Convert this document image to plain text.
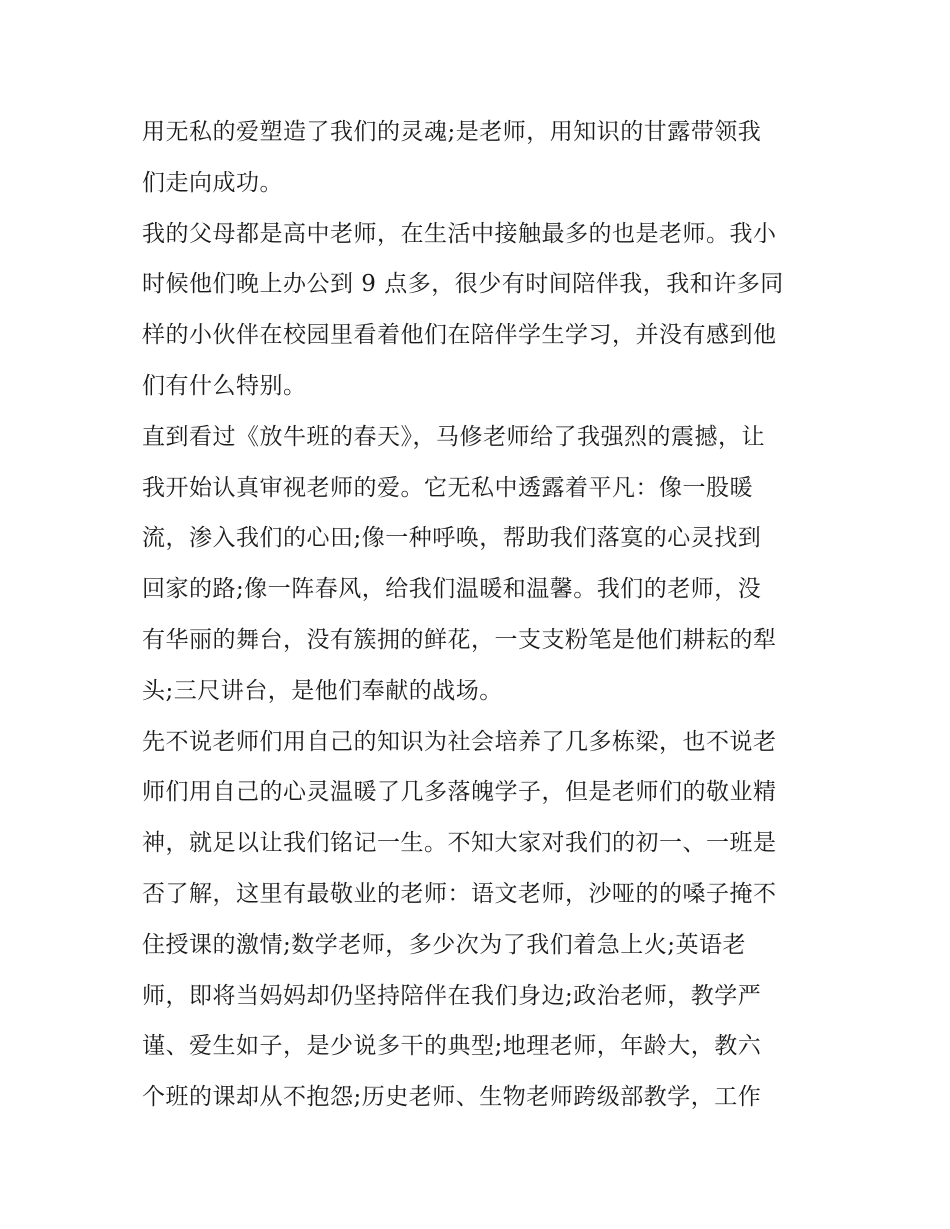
用无私的爱塑造了我们的灵魂;是老师，用知识的甘露带领我
们走向成功。
我的父母都是高中老师，在生活中接触最多的也是老师。我小
时候他们晚上办公到 9 点多，很少有时间陪伴我，我和许多同
样的小伙伴在校园里看着他们在陪伴学生学习，并没有感到他
们有什么特别。
直到看过《放牛班的春天》，马修老师给了我强烈的震撼，让
我开始认真审视老师的爱。它无私中透露着平凡：像一股暖
流，渗入我们的心田;像一种呼唤，帮助我们落寞的心灵找到
回家的路;像一阵春风，给我们温暖和温馨。我们的老师，没
有华丽的舞台，没有簇拥的鲜花，一支支粉笔是他们耕耘的犁
头;三尺讲台，是他们奉献的战场。
先不说老师们用自己的知识为社会培养了几多栋梁，也不说老
师们用自己的心灵温暖了几多落魄学子，但是老师们的敬业精
神，就足以让我们铭记一生。不知大家对我们的初一、一班是
否了解，这里有最敬业的老师：语文老师，沙哑的的嗓子掩不
住授课的激情;数学老师，多少次为了我们着急上火;英语老
师，即将当妈妈却仍坚持陪伴在我们身边;政治老师，教学严
谨、爱生如子，是少说多干的典型;地理老师，年龄大，教六
个班的课却从不抱怨;历史老师、生物老师跨级部教学，工作
